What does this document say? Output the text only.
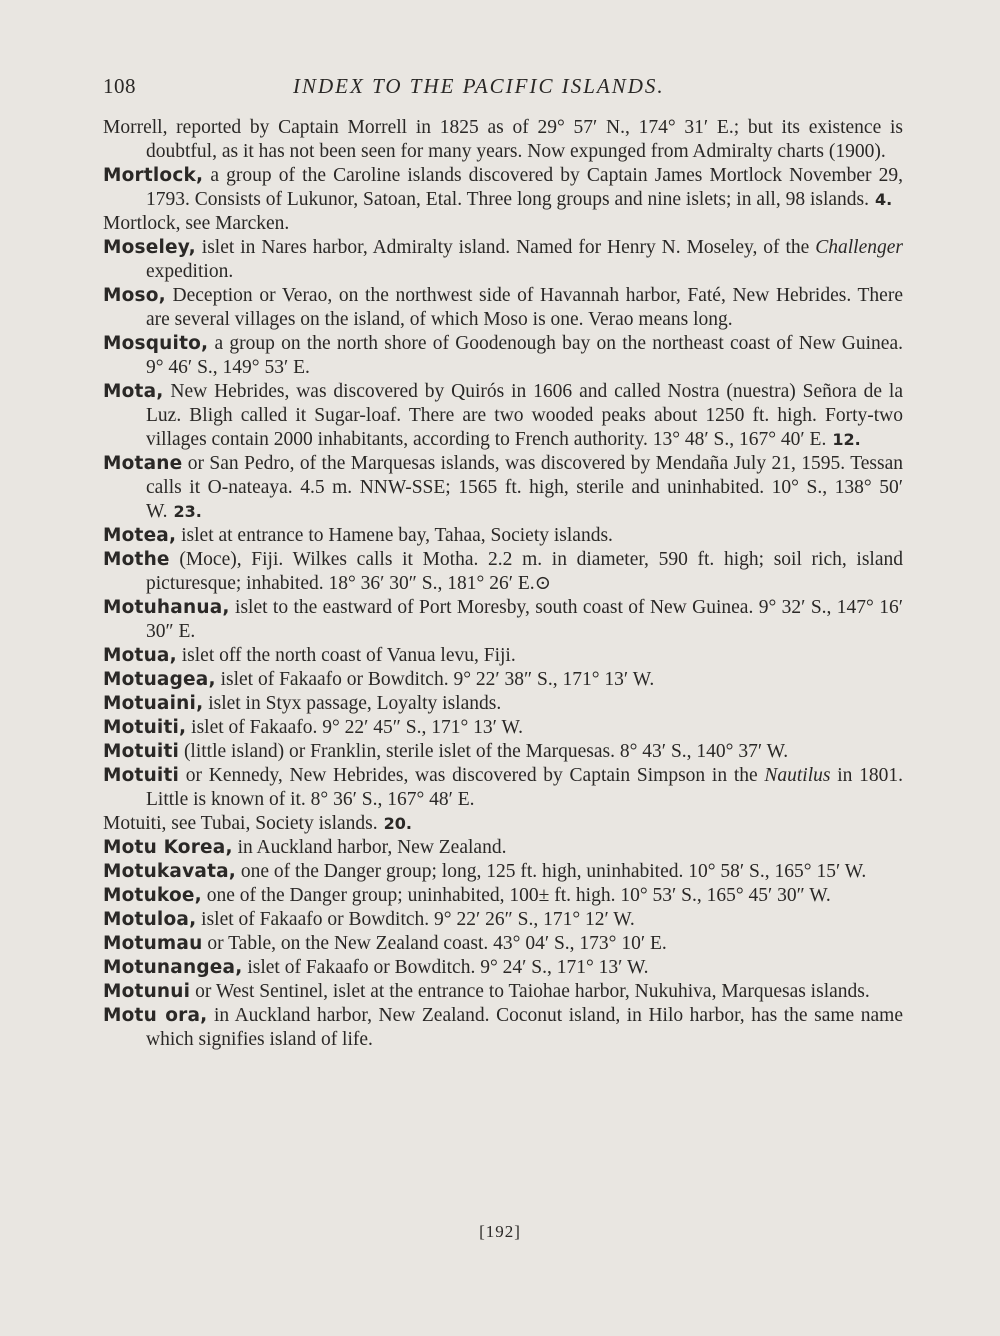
108	INDEX TO THE PACIFIC ISLANDS.

Morrell, reported by Captain Morrell in 1825 as of 29° 57′ N., 174° 31′ E.; but its existence is doubtful, as it has not been seen for many years. Now expunged from Admiralty charts (1900).

Mortlock, a group of the Caroline islands discovered by Captain James Mortlock November 29, 1793. Consists of Lukunor, Satoan, Etal. Three long groups and nine islets; in all, 98 islands. 4.

Mortlock, see Marcken.

Moseley, islet in Nares harbor, Admiralty island. Named for Henry N. Moseley, of the Challenger expedition.

Moso, Deception or Verao, on the northwest side of Havannah harbor, Faté, New Hebrides. There are several villages on the island, of which Moso is one. Verao means long.

Mosquito, a group on the north shore of Goodenough bay on the northeast coast of New Guinea. 9° 46′ S., 149° 53′ E.

Mota, New Hebrides, was discovered by Quirós in 1606 and called Nostra (nuestra) Señora de la Luz. Bligh called it Sugar-loaf. There are two wooded peaks about 1250 ft. high. Forty-two villages contain 2000 inhabitants, according to French authority. 13° 48′ S., 167° 40′ E. 12.

Motane or San Pedro, of the Marquesas islands, was discovered by Mendaña July 21, 1595. Tessan calls it O-nateaya. 4.5 m. NNW-SSE; 1565 ft. high, sterile and uninhabited. 10° S., 138° 50′ W. 23.

Motea, islet at entrance to Hamene bay, Tahaa, Society islands.

Mothe (Moce), Fiji. Wilkes calls it Motha. 2.2 m. in diameter, 590 ft. high; soil rich, island picturesque; inhabited. 18° 36′ 30″ S., 181° 26′ E.⊙

Motuhanua, islet to the eastward of Port Moresby, south coast of New Guinea. 9° 32′ S., 147° 16′ 30″ E.

Motua, islet off the north coast of Vanua levu, Fiji.

Motuagea, islet of Fakaafo or Bowditch. 9° 22′ 38″ S., 171° 13′ W.

Motuaini, islet in Styx passage, Loyalty islands.

Motuiti, islet of Fakaafo. 9° 22′ 45″ S., 171° 13′ W.

Motuiti (little island) or Franklin, sterile islet of the Marquesas. 8° 43′ S., 140° 37′ W.

Motuiti or Kennedy, New Hebrides, was discovered by Captain Simpson in the Nautilus in 1801. Little is known of it. 8° 36′ S., 167° 48′ E.

Motuiti, see Tubai, Society islands. 20.

Motu Korea, in Auckland harbor, New Zealand.

Motukavata, one of the Danger group; long, 125 ft. high, uninhabited. 10° 58′ S., 165° 15′ W.

Motukoe, one of the Danger group; uninhabited, 100± ft. high. 10° 53′ S., 165° 45′ 30″ W.

Motuloa, islet of Fakaafo or Bowditch. 9° 22′ 26″ S., 171° 12′ W.

Motumau or Table, on the New Zealand coast. 43° 04′ S., 173° 10′ E.

Motunangea, islet of Fakaafo or Bowditch. 9° 24′ S., 171° 13′ W.

Motunui or West Sentinel, islet at the entrance to Taiohae harbor, Nukuhiva, Marquesas islands.

Motu ora, in Auckland harbor, New Zealand. Coconut island, in Hilo harbor, has the same name which signifies island of life.

[192]
